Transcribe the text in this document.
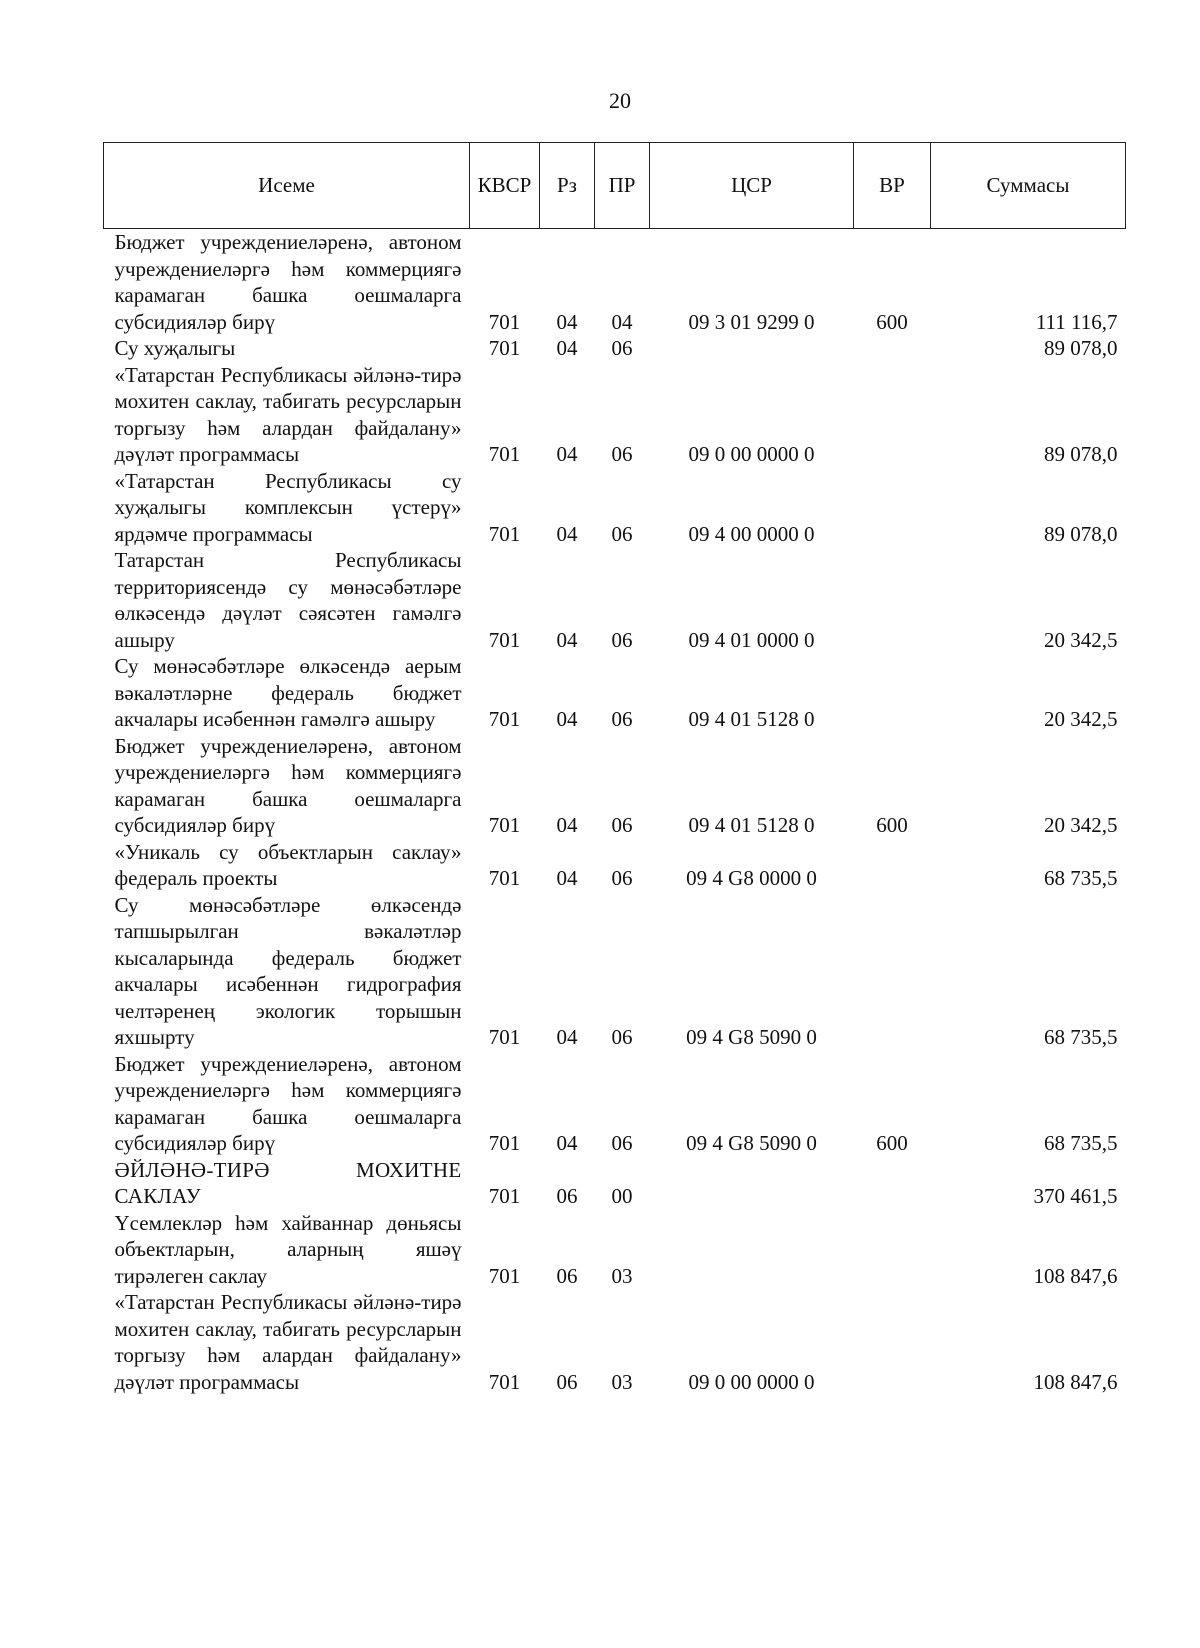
20
Исеме	КВСР	Рз	ПР	ЦСР	ВР	Суммасы
Бюджет учреждениеләренә, автоном учреждениеләргә һәм коммерциягә карамаган башка оешмаларга субсидияләр бирү	701	04	04	09 3 01 9299 0	600	111 116,7
Су хуҗалыгы	701	04	06			89 078,0
«Татарстан Республикасы әйләнә-тирә мохитен саклау, табигать ресурсларын торгызу һәм алардан файдалану» дәүләт программасы	701	04	06	09 0 00 0000 0		89 078,0
«Татарстан Республикасы су хуҗалыгы комплексын үстерү» ярдәмче программасы	701	04	06	09 4 00 0000 0		89 078,0
Татарстан Республикасы территориясендә су мөнәсәбәтләре өлкәсендә дәүләт сәясәтен гамәлгә ашыру	701	04	06	09 4 01 0000 0		20 342,5
Су мөнәсәбәтләре өлкәсендә аерым вәкаләтләрне федераль бюджет акчалары исәбеннән гамәлгә ашыру	701	04	06	09 4 01 5128 0		20 342,5
Бюджет учреждениеләренә, автоном учреждениеләргә һәм коммерциягә карамаган башка оешмаларга субсидияләр бирү	701	04	06	09 4 01 5128 0	600	20 342,5
«Уникаль су объектларын саклау» федераль проекты	701	04	06	09 4 G8 0000 0		68 735,5
Су мөнәсәбәтләре өлкәсендә тапшырылган вәкаләтләр кысаларында федераль бюджет акчалары исәбеннән гидрография челтәренең экологик торышын яхшырту	701	04	06	09 4 G8 5090 0		68 735,5
Бюджет учреждениеләренә, автоном учреждениеләргә һәм коммерциягә карамаган башка оешмаларга субсидияләр бирү	701	04	06	09 4 G8 5090 0	600	68 735,5
ӘЙЛӘНӘ-ТИРӘ МОХИТНЕ САКЛАУ	701	06	00			370 461,5
Үсемлекләр һәм хайваннар дөньясы объектларын, аларның яшәү тирәлеген саклау	701	06	03			108 847,6
«Татарстан Республикасы әйләнә-тирә мохитен саклау, табигать ресурсларын торгызу һәм алардан файдалану» дәүләт программасы	701	06	03	09 0 00 0000 0		108 847,6
